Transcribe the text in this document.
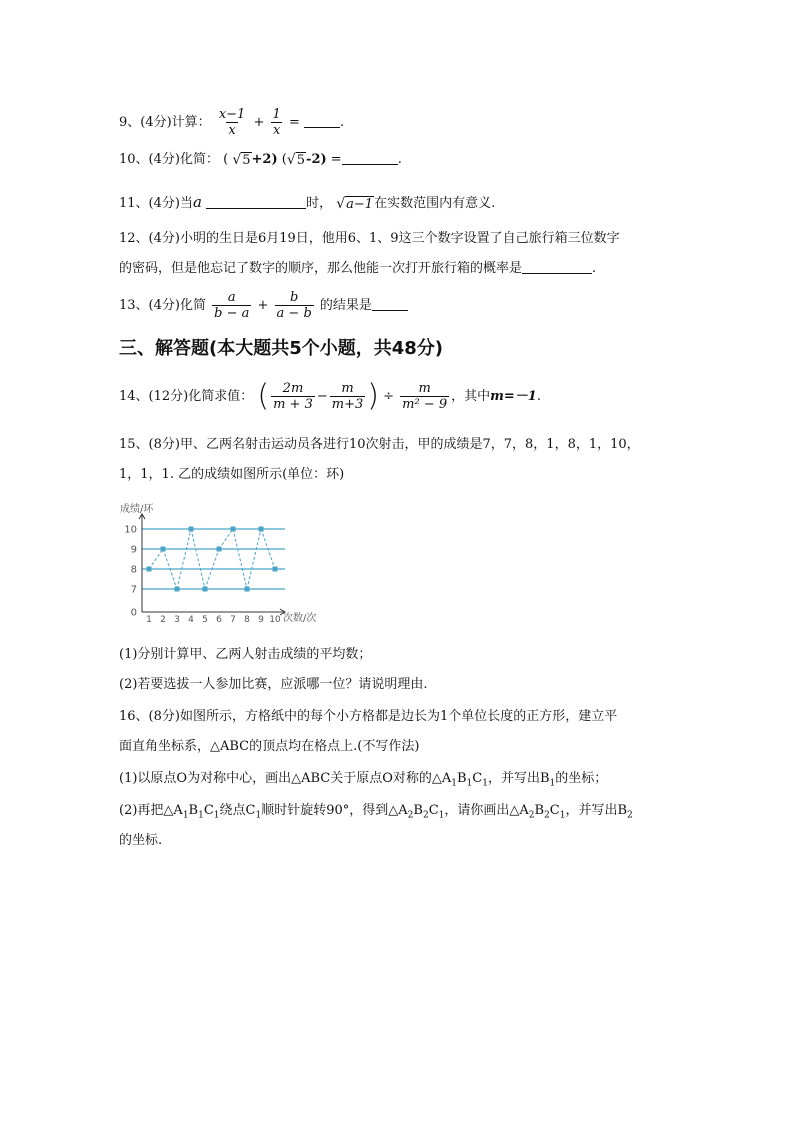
9、(4分)计算： $\frac{x-1}{x} + \frac{1}{x}$ =	.
10、(4分)化简： ( √ 5 +2) ( √ 5 -2) =	.
11、(4分)当a	时， √ a−1 在实数范围内有意义.
12、(4分)小明的生日是6月19日，他用6、1、9这三个数字设置了自己旅行箱三位数字
的密码，但是他忘记了数字的顺序，那么他能一次打开旅行箱的概率是	.
13、(4分)化简 $\frac{a}{b - a} + \frac{b}{a - b}$ 的结果是
三、解答题(本大题共5个小题，共48分)
14、(12分)化简求值： ( $\frac{2m}{m + 3} - \frac{m}{m+3}$ ) ÷ $\frac{m}{\text{m² − 9}}$ ，其中m=－1.
15、(8分)甲、乙两名射击运动员各进行10次射击，甲的成绩是7，7，8，1，8，1，10，
1，1，1. 乙的成绩如图所示(单位：环)
成绩/环
次数/次
0
7
8
9
10
1 2 3 4 5 6 7 8 9 10
(1)分别计算甲、乙两人射击成绩的平均数；
(2)若要选拔一人参加比赛，应派哪一位？请说明理由.
16、(8分)如图所示，方格纸中的每个小方格都是边长为1个单位长度的正方形，建立平
面直角坐标系，△ABC的顶点均在格点上.(不写作法)
(1)以原点O为对称中心，画出△ABC关于原点O对称的$\triangle A_1B_1C_1$，并写出$B_1$的坐标；
(2)再把$\triangle A_1B_1C_1$绕点$C_1$顺时针旋转90°，得到$\triangle A_2B_2C_1$，请你画出$\triangle A_2B_2C_1$，并写出$B_2$
的坐标.
